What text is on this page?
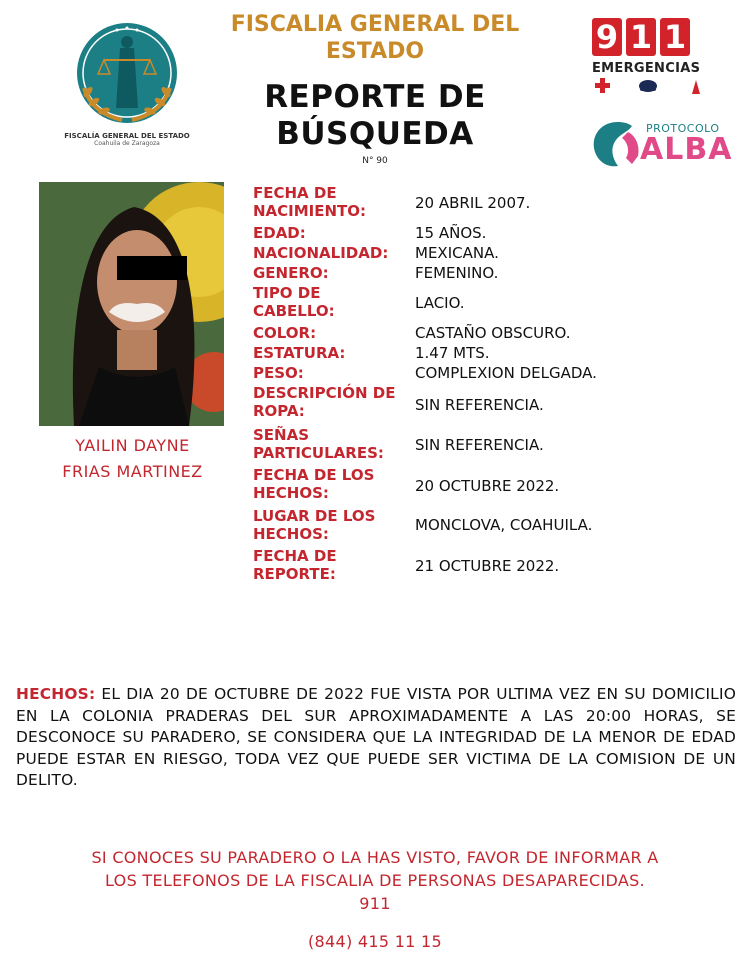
FISCALÍA GENERAL DEL ESTADO
Coahuila de Zaragoza
FISCALIA GENERAL DEL
ESTADO
REPORTE DE
BÚSQUEDA
N° 90
9 1 1
EMERGENCIAS
PROTOCOLO
ALBA
YAILIN DAYNE
FRIAS MARTINEZ
FECHA DE NACIMIENTO:	20 ABRIL 2007.
EDAD:	15 AÑOS.
NACIONALIDAD:	MEXICANA.
GENERO:	FEMENINO.
TIPO DE CABELLO:	LACIO.
COLOR:	CASTAÑO OBSCURO.
ESTATURA:	1.47 MTS.
PESO:	COMPLEXION DELGADA.
DESCRIPCIÓN DE ROPA:	SIN REFERENCIA.
SEÑAS PARTICULARES: SIN REFERENCIA.
FECHA DE LOS HECHOS:	20 OCTUBRE 2022.
LUGAR DE LOS HECHOS:	MONCLOVA, COAHUILA.
FECHA DE REPORTE:	21 OCTUBRE 2022.
HECHOS: EL DIA 20 DE OCTUBRE DE 2022 FUE VISTA POR ULTIMA VEZ EN SU DOMICILIO EN LA COLONIA PRADERAS DEL SUR APROXIMADAMENTE A LAS 20:00 HORAS, SE DESCONOCE SU PARADERO, SE CONSIDERA QUE LA INTEGRIDAD DE LA MENOR DE EDAD PUEDE ESTAR EN RIESGO, TODA VEZ QUE PUEDE SER VICTIMA DE LA COMISION DE UN DELITO.
SI CONOCES SU PARADERO O LA HAS VISTO, FAVOR DE INFORMAR A
LOS TELEFONOS DE LA FISCALIA DE PERSONAS DESAPARECIDAS.
911
(844) 415 11 15
